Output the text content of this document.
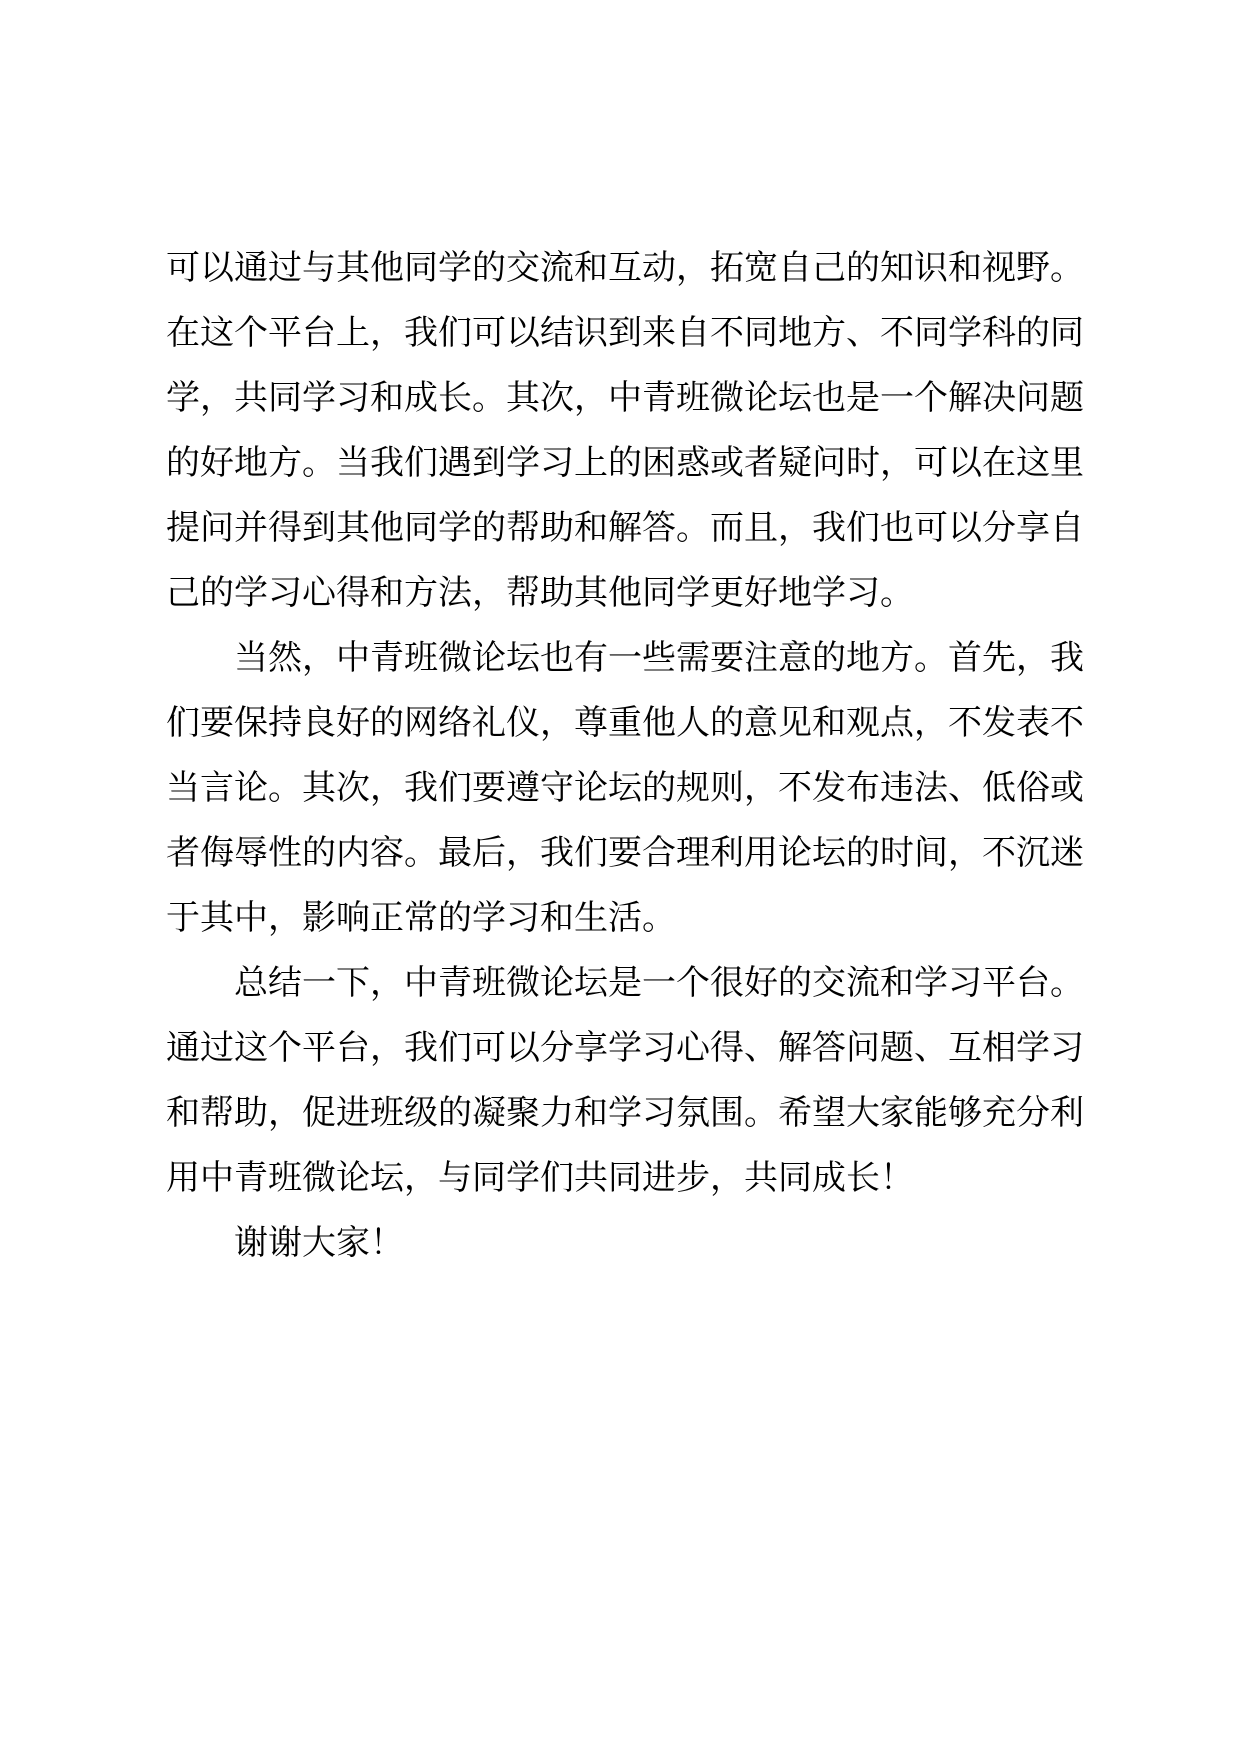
可以通过与其他同学的交流和互动，拓宽自己的知识和视野。
在这个平台上，我们可以结识到来自不同地方、不同学科的同
学，共同学习和成长。其次，中青班微论坛也是一个解决问题
的好地方。当我们遇到学习上的困惑或者疑问时，可以在这里
提问并得到其他同学的帮助和解答。而且，我们也可以分享自
己的学习心得和方法，帮助其他同学更好地学习。
当然，中青班微论坛也有一些需要注意的地方。首先，我
们要保持良好的网络礼仪，尊重他人的意见和观点，不发表不
当言论。其次，我们要遵守论坛的规则，不发布违法、低俗或
者侮辱性的内容。最后，我们要合理利用论坛的时间，不沉迷
于其中，影响正常的学习和生活。
总结一下，中青班微论坛是一个很好的交流和学习平台。
通过这个平台，我们可以分享学习心得、解答问题、互相学习
和帮助，促进班级的凝聚力和学习氛围。希望大家能够充分利
用中青班微论坛，与同学们共同进步，共同成长！
谢谢大家！
